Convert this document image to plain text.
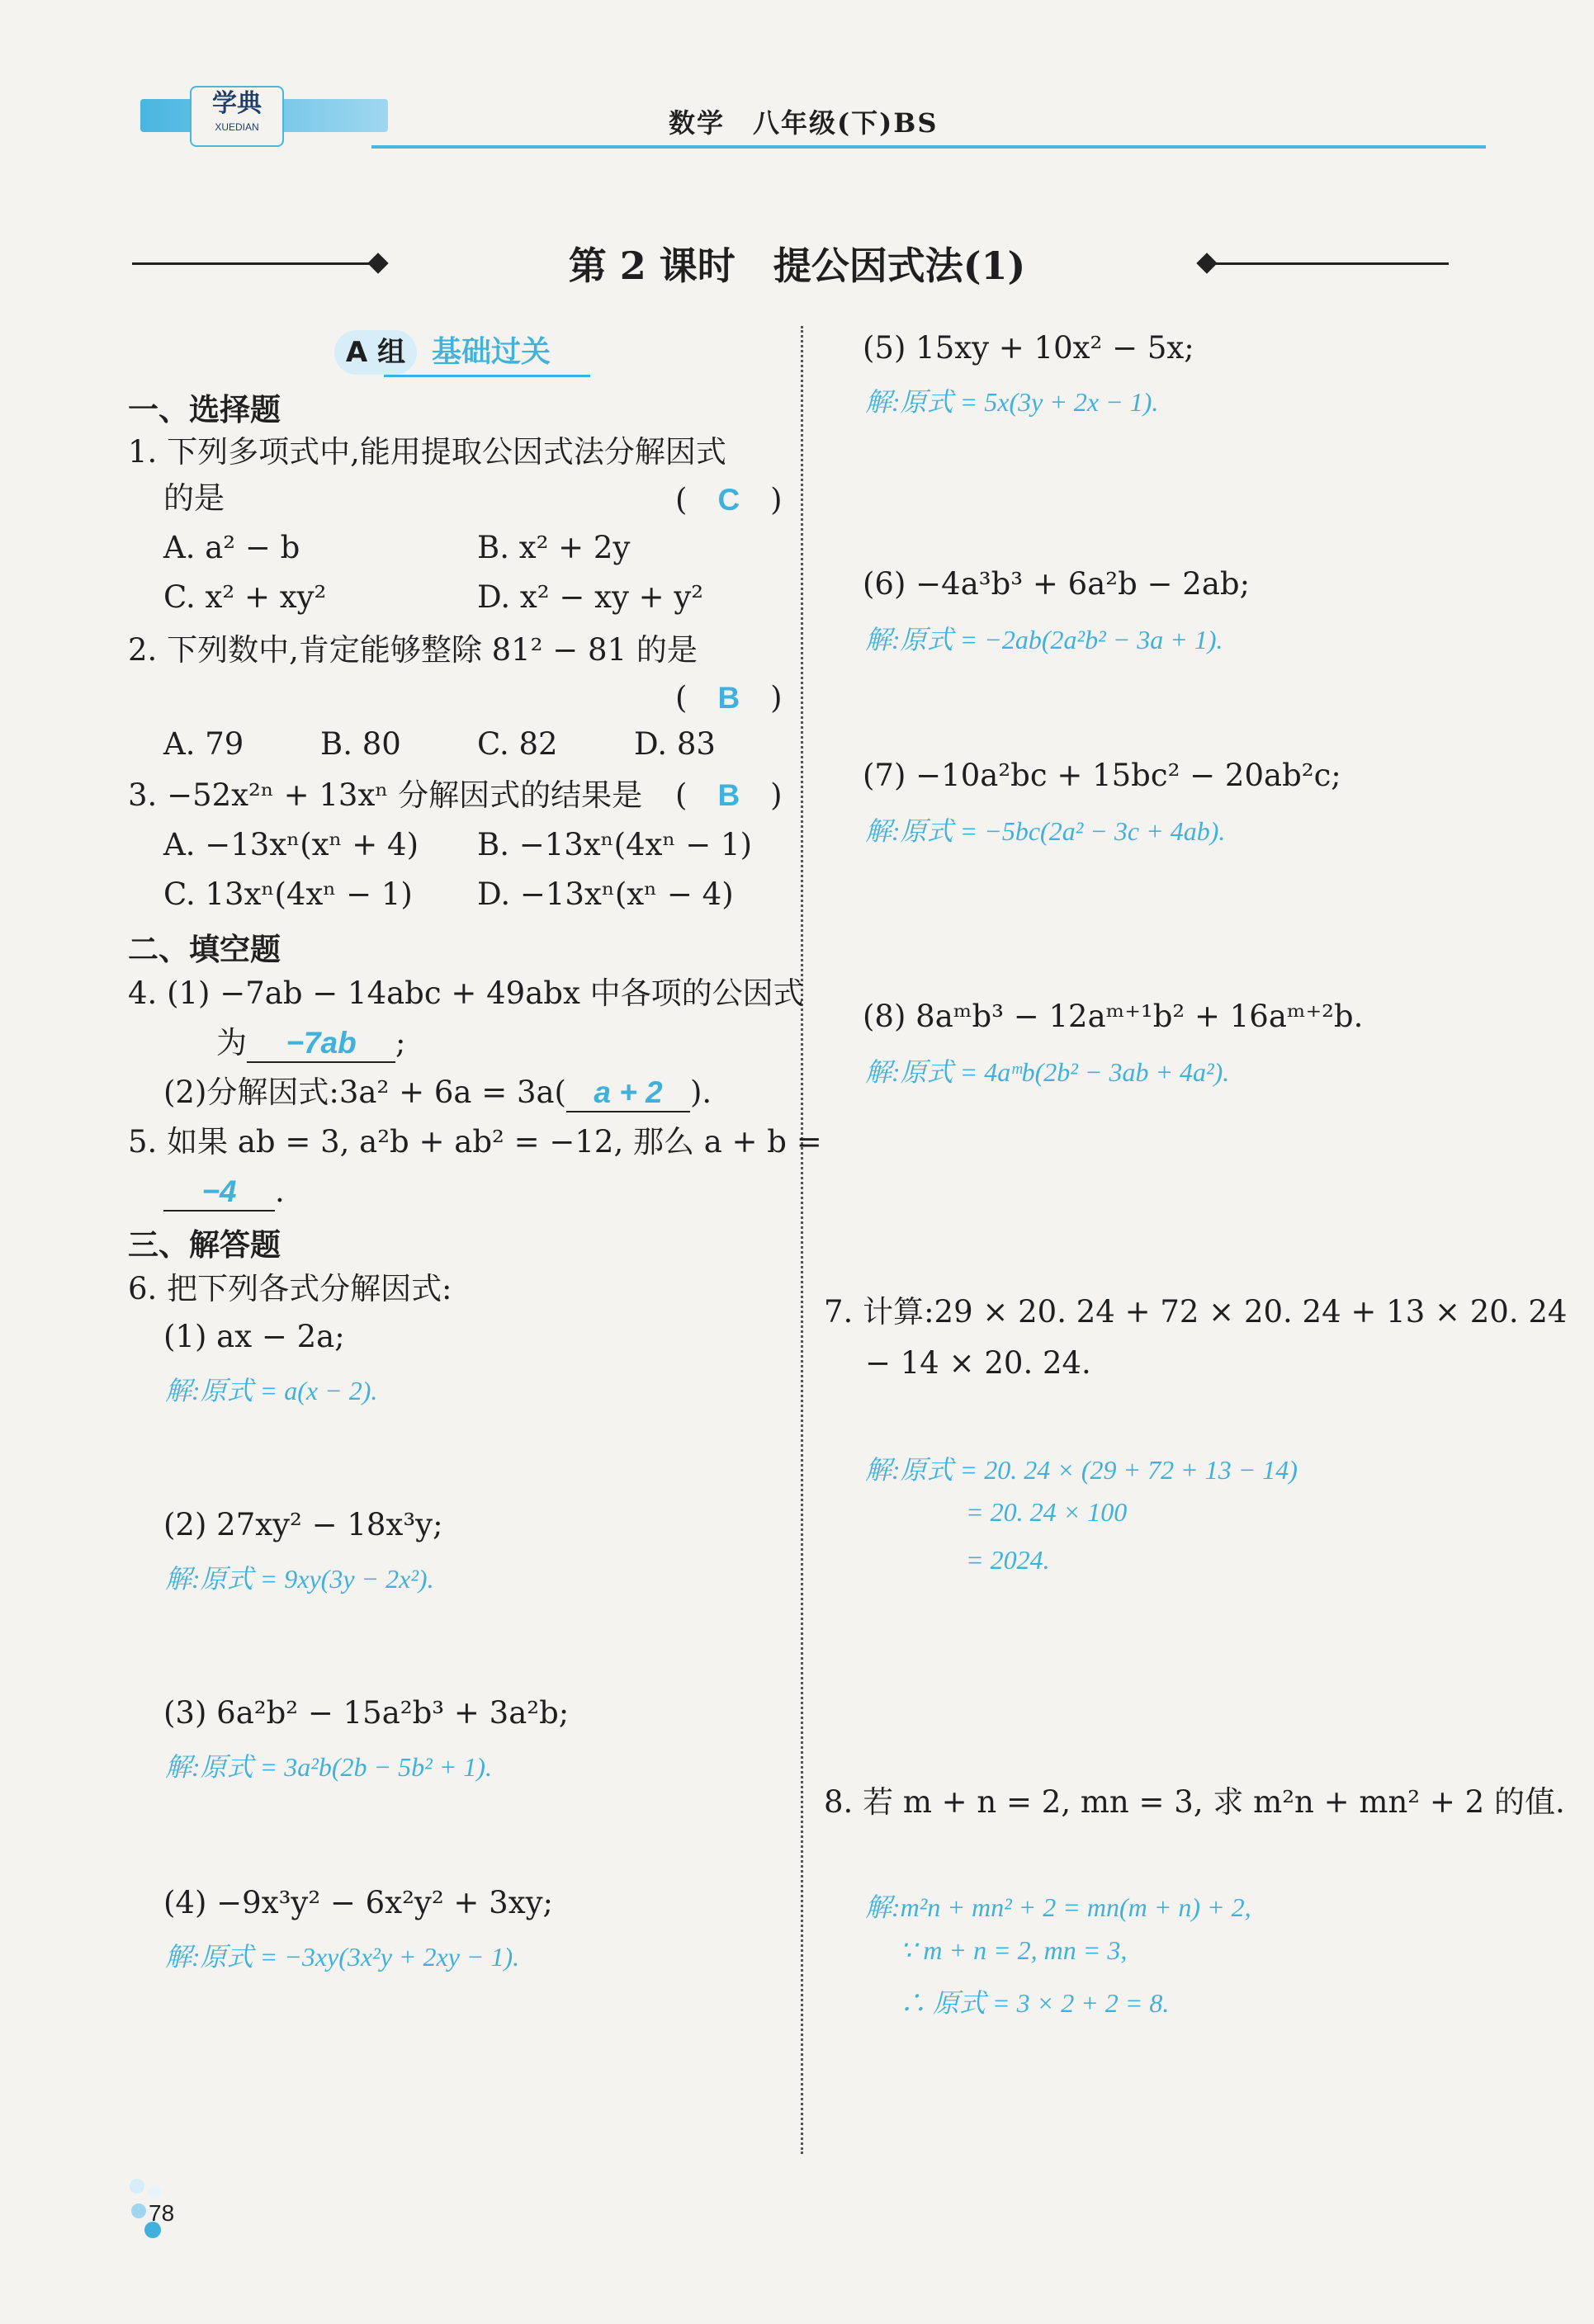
学典
XUEDIAN	数学　八年级(下)BS
第 2 课时　提公因式法(1)
A 组 基础过关
一、选择题
1. 下列多项式中,能用提取公因式法分解因式
的是	(　C　)
A. a² − b	B. x² + 2y
C. x² + xy²	D. x² − xy + y²
2. 下列数中,肯定能够整除 81² − 81 的是
(　B　)
A. 79	B. 80 C. 82 D. 83
3. −52x²ⁿ + 13xⁿ 分解因式的结果是 (　B　)
A. −13xⁿ(xⁿ + 4) B. −13xⁿ(4xⁿ − 1)
C. 13xⁿ(4xⁿ − 1) D. −13xⁿ(xⁿ − 4)
二、填空题
4. (1) −7ab − 14abc + 49abx 中各项的公因式
为 −7ab ;
(2)分解因式:3a² + 6a = 3a( a + 2 ).
5. 如果 ab = 3, a²b + ab² = −12, 那么 a + b =
−4 .
三、解答题
6. 把下列各式分解因式:
(1) ax − 2a;
解:原式 = a(x − 2).
(2) 27xy² − 18x³y;
解:原式 = 9xy(3y − 2x²).
(3) 6a²b² − 15a²b³ + 3a²b;
解:原式 = 3a²b(2b − 5b² + 1).
(4) −9x³y² − 6x²y² + 3xy;
解:原式 = −3xy(3x²y + 2xy − 1).
(5) 15xy + 10x² − 5x;
解:原式 = 5x(3y + 2x − 1).
(6) −4a³b³ + 6a²b − 2ab;
解:原式 = −2ab(2a²b² − 3a + 1).
(7) −10a²bc + 15bc² − 20ab²c;
解:原式 = −5bc(2a² − 3c + 4ab).
(8) 8aᵐb³ − 12aᵐ⁺¹b² + 16aᵐ⁺²b.
解:原式 = 4aᵐb(2b² − 3ab + 4a²).
7. 计算:29 × 20. 24 + 72 × 20. 24 + 13 × 20. 24
− 14 × 20. 24.
解:原式 = 20. 24 × (29 + 72 + 13 − 14)
= 20. 24 × 100
= 2024.
8. 若 m + n = 2, mn = 3, 求 m²n + mn² + 2 的值.
解:m²n + mn² + 2 = mn(m + n) + 2,
∵ m + n = 2, mn = 3,
∴ 原式 = 3 × 2 + 2 = 8.
78
